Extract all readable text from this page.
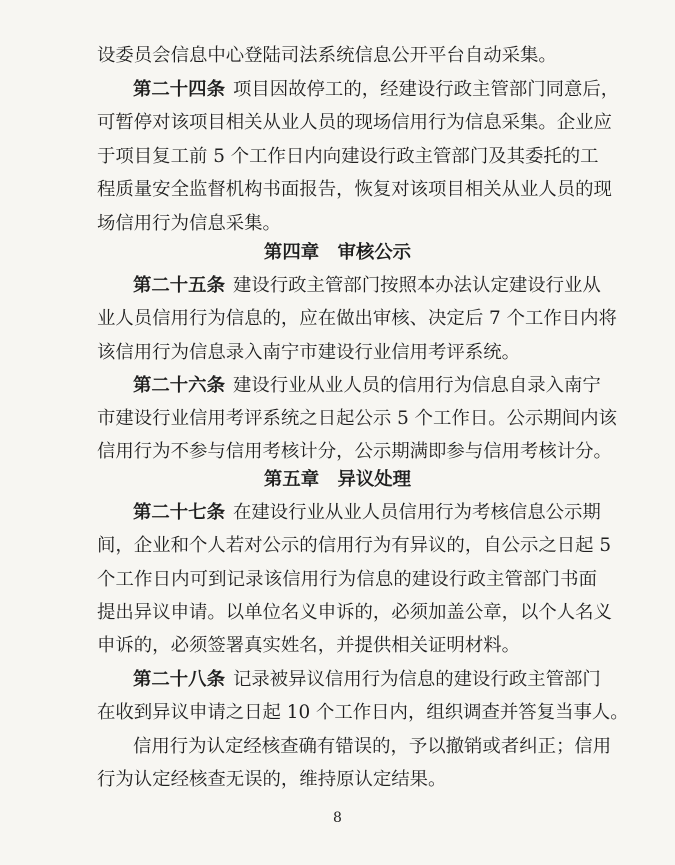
设委员会信息中心登陆司法系统信息公开平台自动采集。
第二十四条 项目因故停工的，经建设行政主管部门同意后，
可暂停对该项目相关从业人员的现场信用行为信息采集。企业应
于项目复工前 5 个工作日内向建设行政主管部门及其委托的工
程质量安全监督机构书面报告，恢复对该项目相关从业人员的现
场信用行为信息采集。
第四章　审核公示
第二十五条 建设行政主管部门按照本办法认定建设行业从
业人员信用行为信息的，应在做出审核、决定后 7 个工作日内将
该信用行为信息录入南宁市建设行业信用考评系统。
第二十六条 建设行业从业人员的信用行为信息自录入南宁
市建设行业信用考评系统之日起公示 5 个工作日。公示期间内该
信用行为不参与信用考核计分，公示期满即参与信用考核计分。
第五章　异议处理
第二十七条 在建设行业从业人员信用行为考核信息公示期
间，企业和个人若对公示的信用行为有异议的，自公示之日起 5
个工作日内可到记录该信用行为信息的建设行政主管部门书面
提出异议申请。以单位名义申诉的，必须加盖公章，以个人名义
申诉的，必须签署真实姓名，并提供相关证明材料。
第二十八条 记录被异议信用行为信息的建设行政主管部门
在收到异议申请之日起 10 个工作日内，组织调查并答复当事人。
信用行为认定经核查确有错误的，予以撤销或者纠正；信用
行为认定经核查无误的，维持原认定结果。
8
